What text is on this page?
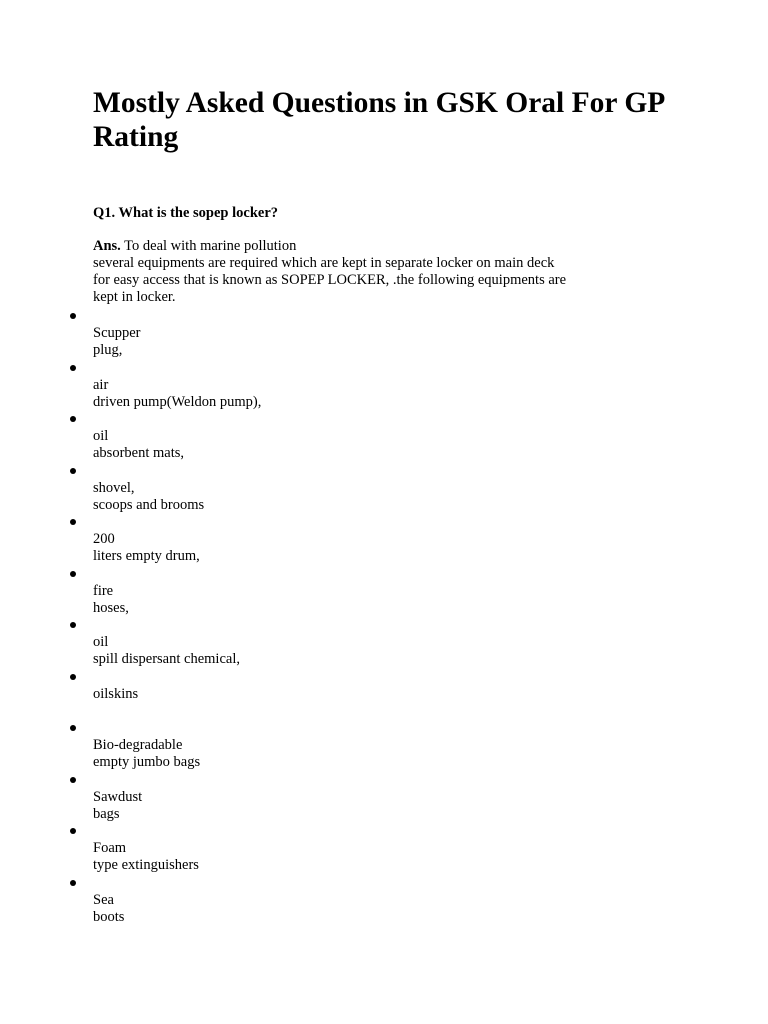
Mostly Asked Questions in GSK Oral For GP Rating

Q1. What is the sopep locker?

Ans. To deal with marine pollution
several equipments are required which are kept in separate locker on main deck
for easy access that is known as SOPEP LOCKER, .the following equipments are
kept in locker.
Scupper
plug,
air
driven pump(Weldon pump),
oil
absorbent mats,
shovel,
scoops and brooms
200
liters empty drum,
fire
hoses,
oil
spill dispersant chemical,
oilskins
Bio-degradable
empty jumbo bags
Sawdust
bags
Foam
type extinguishers
Sea
boots
